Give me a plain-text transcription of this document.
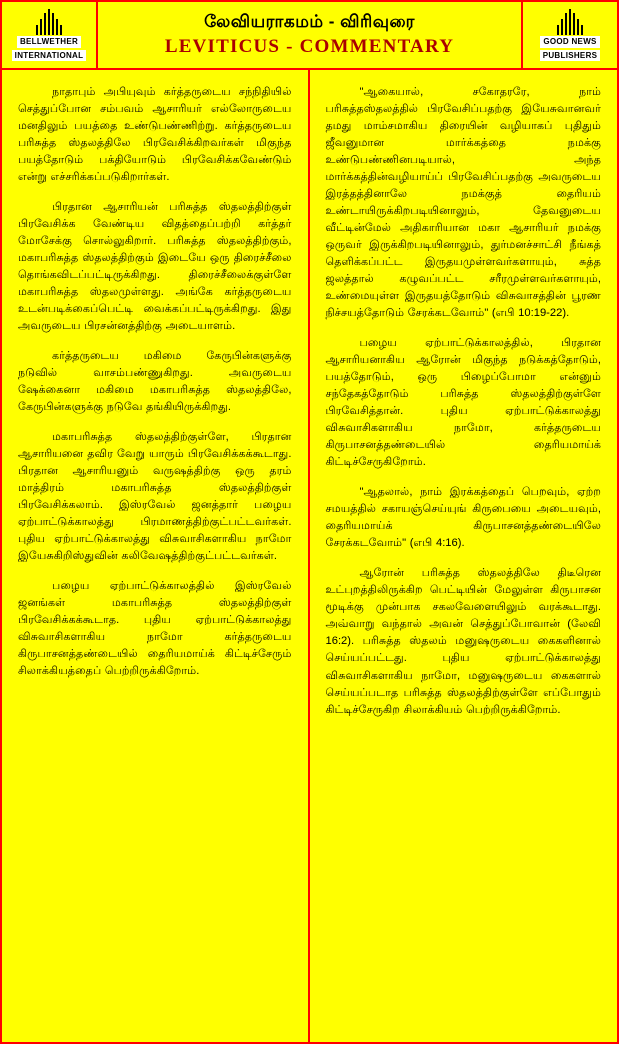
BELLWETHER
INTERNATIONAL
லேவியராகமம் - விரிவுரை
LEVITICUS - COMMENTARY	GOOD NEWS
PUBLISHERS

நாதாபும் அபியுவும் கர்த்தருடைய சந்நிதியில் செத்துப்போன சம்பவம் ஆசாரியர் எல்லோருடைய மனதிலும் பயத்தை உண்டுபண்ணிற்று. கர்த்தருடைய பரிசுத்த ஸ்தலத்திலே பிரவேசிக்கிறவர்கள் மிகுந்த பயத்தோடும் பக்தியோடும் பிரவேசிக்கவேண்டும் என்று எச்சரிக்கப்படுகிறார்கள்.

பிரதான ஆசாரியன் பரிசுத்த ஸ்தலத்திற்குள் பிரவேசிக்க வேண்டிய விதத்தைப்பற்றி கர்த்தர் மோசேக்கு சொல்லுகிறார். பரிசுத்த ஸ்தலத்திற்கும், மகாபரிசுத்த ஸ்தலத்திற்கும் இடையே ஒரு திரைச்சீலை தொங்கவிடப்பட்டிருக்கிறது. திரைச்சீலைக்குள்ளே மகாபரிசுத்த ஸ்தலமுள்ளது. அங்கே கர்த்தருடைய உடன்படிக்கைப்பெட்டி வைக்கப்பட்டிருக்கிறது. இது அவருடைய பிரசன்னத்திற்கு அடையாளம்.

கர்த்தருடைய மகிமை கேருபின்களுக்கு நடுவில் வாசம்பண்ணுகிறது. அவருடைய ஷேக்கைனா மகிமை மகாபரிசுத்த ஸ்தலத்திலே, கேருபின்களுக்கு நடுவே தங்கியிருக்கிறது.

மகாபரிசுத்த ஸ்தலத்திற்குள்ளே, பிரதான ஆசாரியனை தவிர வேறு யாரும் பிரவேசிக்கக்கூடாது. பிரதான ஆசாரியனும் வருஷத்திற்கு ஒரு தரம் மாத்திரம் மகாபரிசுத்த ஸ்தலத்திற்குள் பிரவேசிக்கலாம். இஸ்ரவேல் ஜனத்தார் பழைய ஏற்பாட்டுக்காலத்து பிரமாணத்திற்குட்பட்டவர்கள். புதிய ஏற்பாட்டுக்காலத்து விசுவாசிகளாகிய நாமோ இயேசுகிறிஸ்துவின் கலிவேஷத்திற்குட்பட்டவர்கள்.

பழைய ஏற்பாட்டுக்காலத்தில் இஸ்ரவேல் ஜனங்கள் மகாபரிசுத்த ஸ்தலத்திற்குள் பிரவேசிக்கக்கூடாத. புதிய ஏற்பாட்டுக்காலத்து விசுவாசிகளாகிய நாமோ கர்த்தருடைய கிருபாசனத்தண்டையில் தைரியமாய்க் கிட்டிச்சேரும் சிலாக்கியத்தைப் பெற்றிருக்கிறோம்.

"ஆகையால், சகோதரரே, நாம் பரிசுத்தஸ்தலத்தில் பிரவேசிப்பதற்கு இயேசுவானவர் தமது மாம்சமாகிய திரையின் வழியாகப் புதிதும் ஜீவனுமான மார்க்கத்தை நமக்கு உண்டுபண்ணினபடியால், அந்த மார்க்கத்தின்வழியாய்ப் பிரவேசிப்பதற்கு அவருடைய இரத்தத்தினாலே நமக்குத் தைரியம் உண்டாயிருக்கிறபடியினாலும், தேவனுடைய வீட்டின்மேல் அதிகாரியான மகா ஆசாரியர் நமக்கு ஒருவர் இருக்கிறபடியினாலும், துர்மனச்சாட்சி நீங்கத் தெளிக்கப்பட்ட இருதயமுள்ளவர்களாயும், சுத்த ஜலத்தால் கழுவப்பட்ட சரீரமுள்ளவர்களாயும், உண்மையுள்ள இருதயத்தோடும் விசுவாசத்தின் பூரண நிச்சயத்தோடும் சேரக்கடவோம்" (எபி 10:19-22).

பழைய ஏற்பாட்டுக்காலத்தில், பிரதான ஆசாரியனாகிய ஆரோன் மிகுந்த நடுக்கத்தோடும், பயத்தோடும், ஒரு பிழைப்போமா என்னும் சந்தேகத்தோடும் பரிசுத்த ஸ்தலத்திற்குள்ளே பிரவேசித்தான். புதிய ஏற்பாட்டுக்காலத்து விசுவாசிகளாகிய நாமோ, கர்த்தருடைய கிருபாசனத்தண்டையில் தைரியமாய்க் கிட்டிச்சேருகிறோம்.

"ஆதலால், நாம் இரக்கத்தைப் பெறவும், ஏற்ற சமயத்தில் சகாயஞ்செய்யுங் கிருபையை அடையவும், தைரியமாய்க் கிருபாசனத்தண்டையிலே சேரக்கடவோம்" (எபி 4:16).

ஆரோன் பரிசுத்த ஸ்தலத்திலே திடீரென உட்புறத்திலிருக்கிற பெட்டியின் மேலுள்ள கிருபாசன மூடிக்கு முன்பாக சகலவேளையிலும் வரக்கூடாது. அவ்வாறு வந்தால் அவன் செத்துப்போவான் (லேவி 16:2). பரிசுத்த ஸ்தலம் மனுஷருடைய கைகளினால் செய்யப்பட்டது. புதிய ஏற்பாட்டுக்காலத்து விசுவாசிகளாகிய நாமோ, மனுஷருடைய கைகளால் செய்யப்படாத பரிசுத்த ஸ்தலத்திற்குள்ளே எப்போதும் கிட்டிச்சேருகிற சிலாக்கியம் பெற்றிருக்கிறோம்.
